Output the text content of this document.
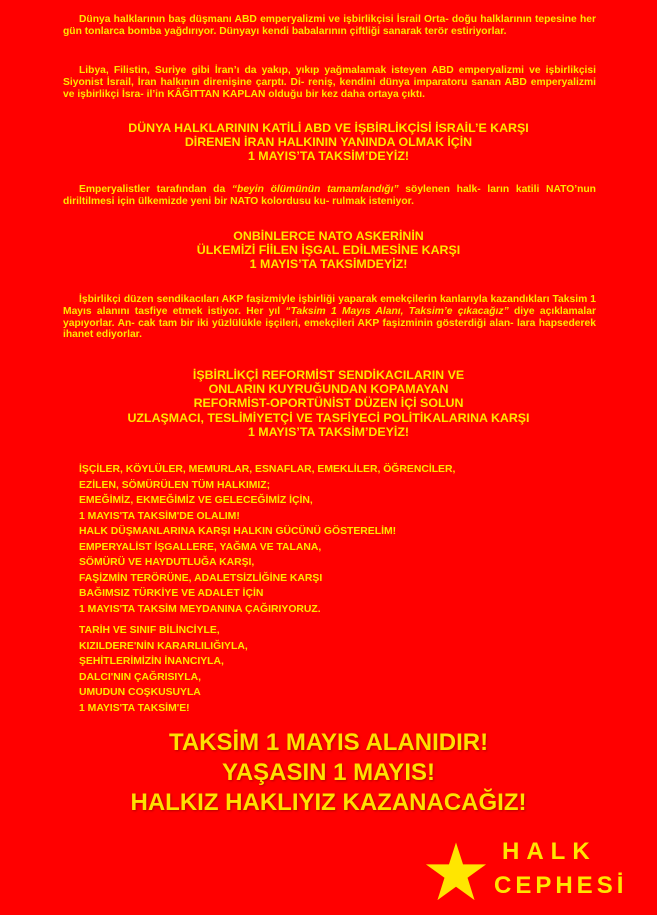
Dünya halklarının baş düşmanı ABD emperyalizmi ve işbirlikçisi İsrail Orta- doğu halklarının tepesine her gün tonlarca bomba yağdırıyor. Dünyayı kendi babalarının çiftliği sanarak terör estiriyorlar.

Libya, Filistin, Suriye gibi İran’ı da yakıp, yıkıp yağmalamak isteyen ABD emperyalizmi ve işbirlikçisi Siyonist İsrail, İran halkının direnişine çarptı. Di- reniş, kendini dünya imparatoru sanan ABD emperyalizmi ve işbirlikçi İsra- il’in KÂĞITTAN KAPLAN olduğu bir kez daha ortaya çıktı.

DÜNYA HALKLARININ KATİLİ ABD VE İŞBİRLİKÇİSİ İSRAİL’E KARŞI
DİRENEN İRAN HALKININ YANINDA OLMAK İÇİN
1 MAYIS’TA TAKSİM’DEYİZ!

Emperyalistler tarafından da “beyin ölümünün tamamlandığı” söylenen halk- ların katili NATO’nun diriltilmesi için ülkemizde yeni bir NATO kolordusu ku- rulmak isteniyor.

ONBİNLERCE NATO ASKERİNİN
ÜLKEMİZİ FİİLEN İŞGAL EDİLMESİNE KARŞI
1 MAYIS’TA TAKSİMDEYİZ!

İşbirlikçi düzen sendikacıları AKP faşizmiyle işbirliği yaparak emekçilerin kanlarıyla kazandıkları Taksim 1 Mayıs alanını tasfiye etmek istiyor. Her yıl “Taksim 1 Mayıs Alanı, Taksim’e çıkacağız” diye açıklamalar yapıyorlar. An- cak tam bir iki yüzlülükle işçileri, emekçileri AKP faşizminin gösterdiği alan- lara hapsederek ihanet ediyorlar.

İŞBİRLİKÇİ REFORMİST SENDİKACILARIN VE
ONLARIN KUYRUĞUNDAN KOPAMAYAN
REFORMİST-OPORTÜNİST DÜZEN İÇİ SOLUN
UZLAŞMACI, TESLİMİYETÇİ VE TASFİYECİ POLİTİKALARINA KARŞI
1 MAYIS’TA TAKSİM’DEYİZ!
İŞÇİLER, KÖYLÜLER, MEMURLAR, ESNAFLAR, EMEKLİLER, ÖĞRENCİLER,
EZİLEN, SÖMÜRÜLEN TÜM HALKIMIZ;
EMEĞİMİZ, EKMEĞİMİZ VE GELECEĞİMİZ İÇİN,
1 MAYIS'TA TAKSİM'DE OLALIM!
HALK DÜŞMANLARINA KARŞI HALKIN GÜCÜNÜ GÖSTERELİM!
EMPERYALİST İŞGALLERE, YAĞMA VE TALANA,
SÖMÜRÜ VE HAYDUTLUĞA KARŞI,
FAŞİZMİN TERÖRÜNE, ADALETSİZLİĞİNE KARŞI
BAĞIMSIZ TÜRKİYE VE ADALET İÇİN
1 MAYIS'TA TAKSİM MEYDANINA ÇAĞIRIYORUZ.
TARİH VE SINIF BİLİNCİYLE,
KIZILDERE'NİN KARARLILIĞIYLA,
ŞEHİTLERİMİZİN İNANCIYLA,
DALCI'NIN ÇAĞRISIYLA,
UMUDUN COŞKUSUYLA
1 MAYIS'TA TAKSİM'E!
TAKSİM 1 MAYIS ALANIDIR!
YAŞASIN 1 MAYIS!
HALKIZ HAKLIYIZ KAZANACAĞIZ!
HALK
CEPHESİ
